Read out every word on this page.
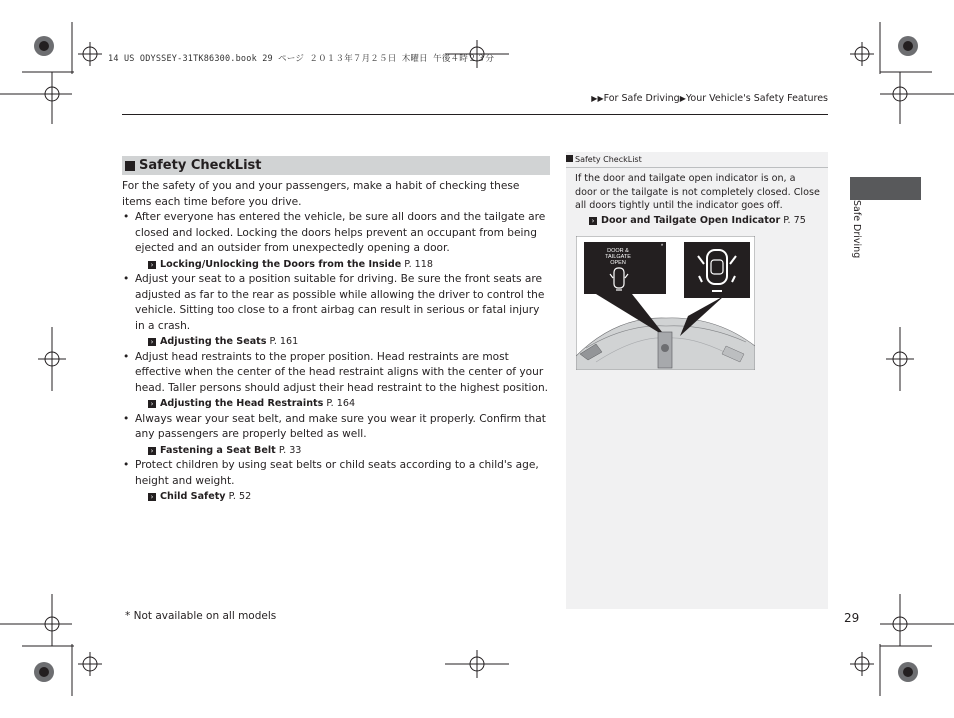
14 US ODYSSEY-31TK86300.book 29 ページ ２０１３年７月２５日 木曜日 午後４時２３分
▶▶For Safe Driving▶Your Vehicle's Safety Features
Safety CheckList

For the safety of you and your passengers, make a habit of checking these items each time before you drive.

• After everyone has entered the vehicle, be sure all doors and the tailgate are closed and locked. Locking the doors helps prevent an occupant from being ejected and an outsider from unexpectedly opening a door.

› Locking/Unlocking the Doors from the Inside P. 118

• Adjust your seat to a position suitable for driving. Be sure the front seats are adjusted as far to the rear as possible while allowing the driver to control the vehicle. Sitting too close to a front airbag can result in serious or fatal injury in a crash.

› Adjusting the Seats P. 161

• Adjust head restraints to the proper position. Head restraints are most effective when the center of the head restraint aligns with the center of your head. Taller persons should adjust their head restraint to the highest position.

› Adjusting the Head Restraints P. 164

• Always wear your seat belt, and make sure you wear it properly. Confirm that any passengers are properly belted as well.

› Fastening a Seat Belt P. 33

• Protect children by using seat belts or child seats according to a child's age, height and weight.

› Child Safety P. 52
Safety CheckList

If the door and tailgate open indicator is on, a door or the tailgate is not completely closed. Close all doors tightly until the indicator goes off.

› Door and Tailgate Open Indicator P. 75
DOOR &
TAILGATE
OPEN
*	Safe Driving
* Not available on all models	29
